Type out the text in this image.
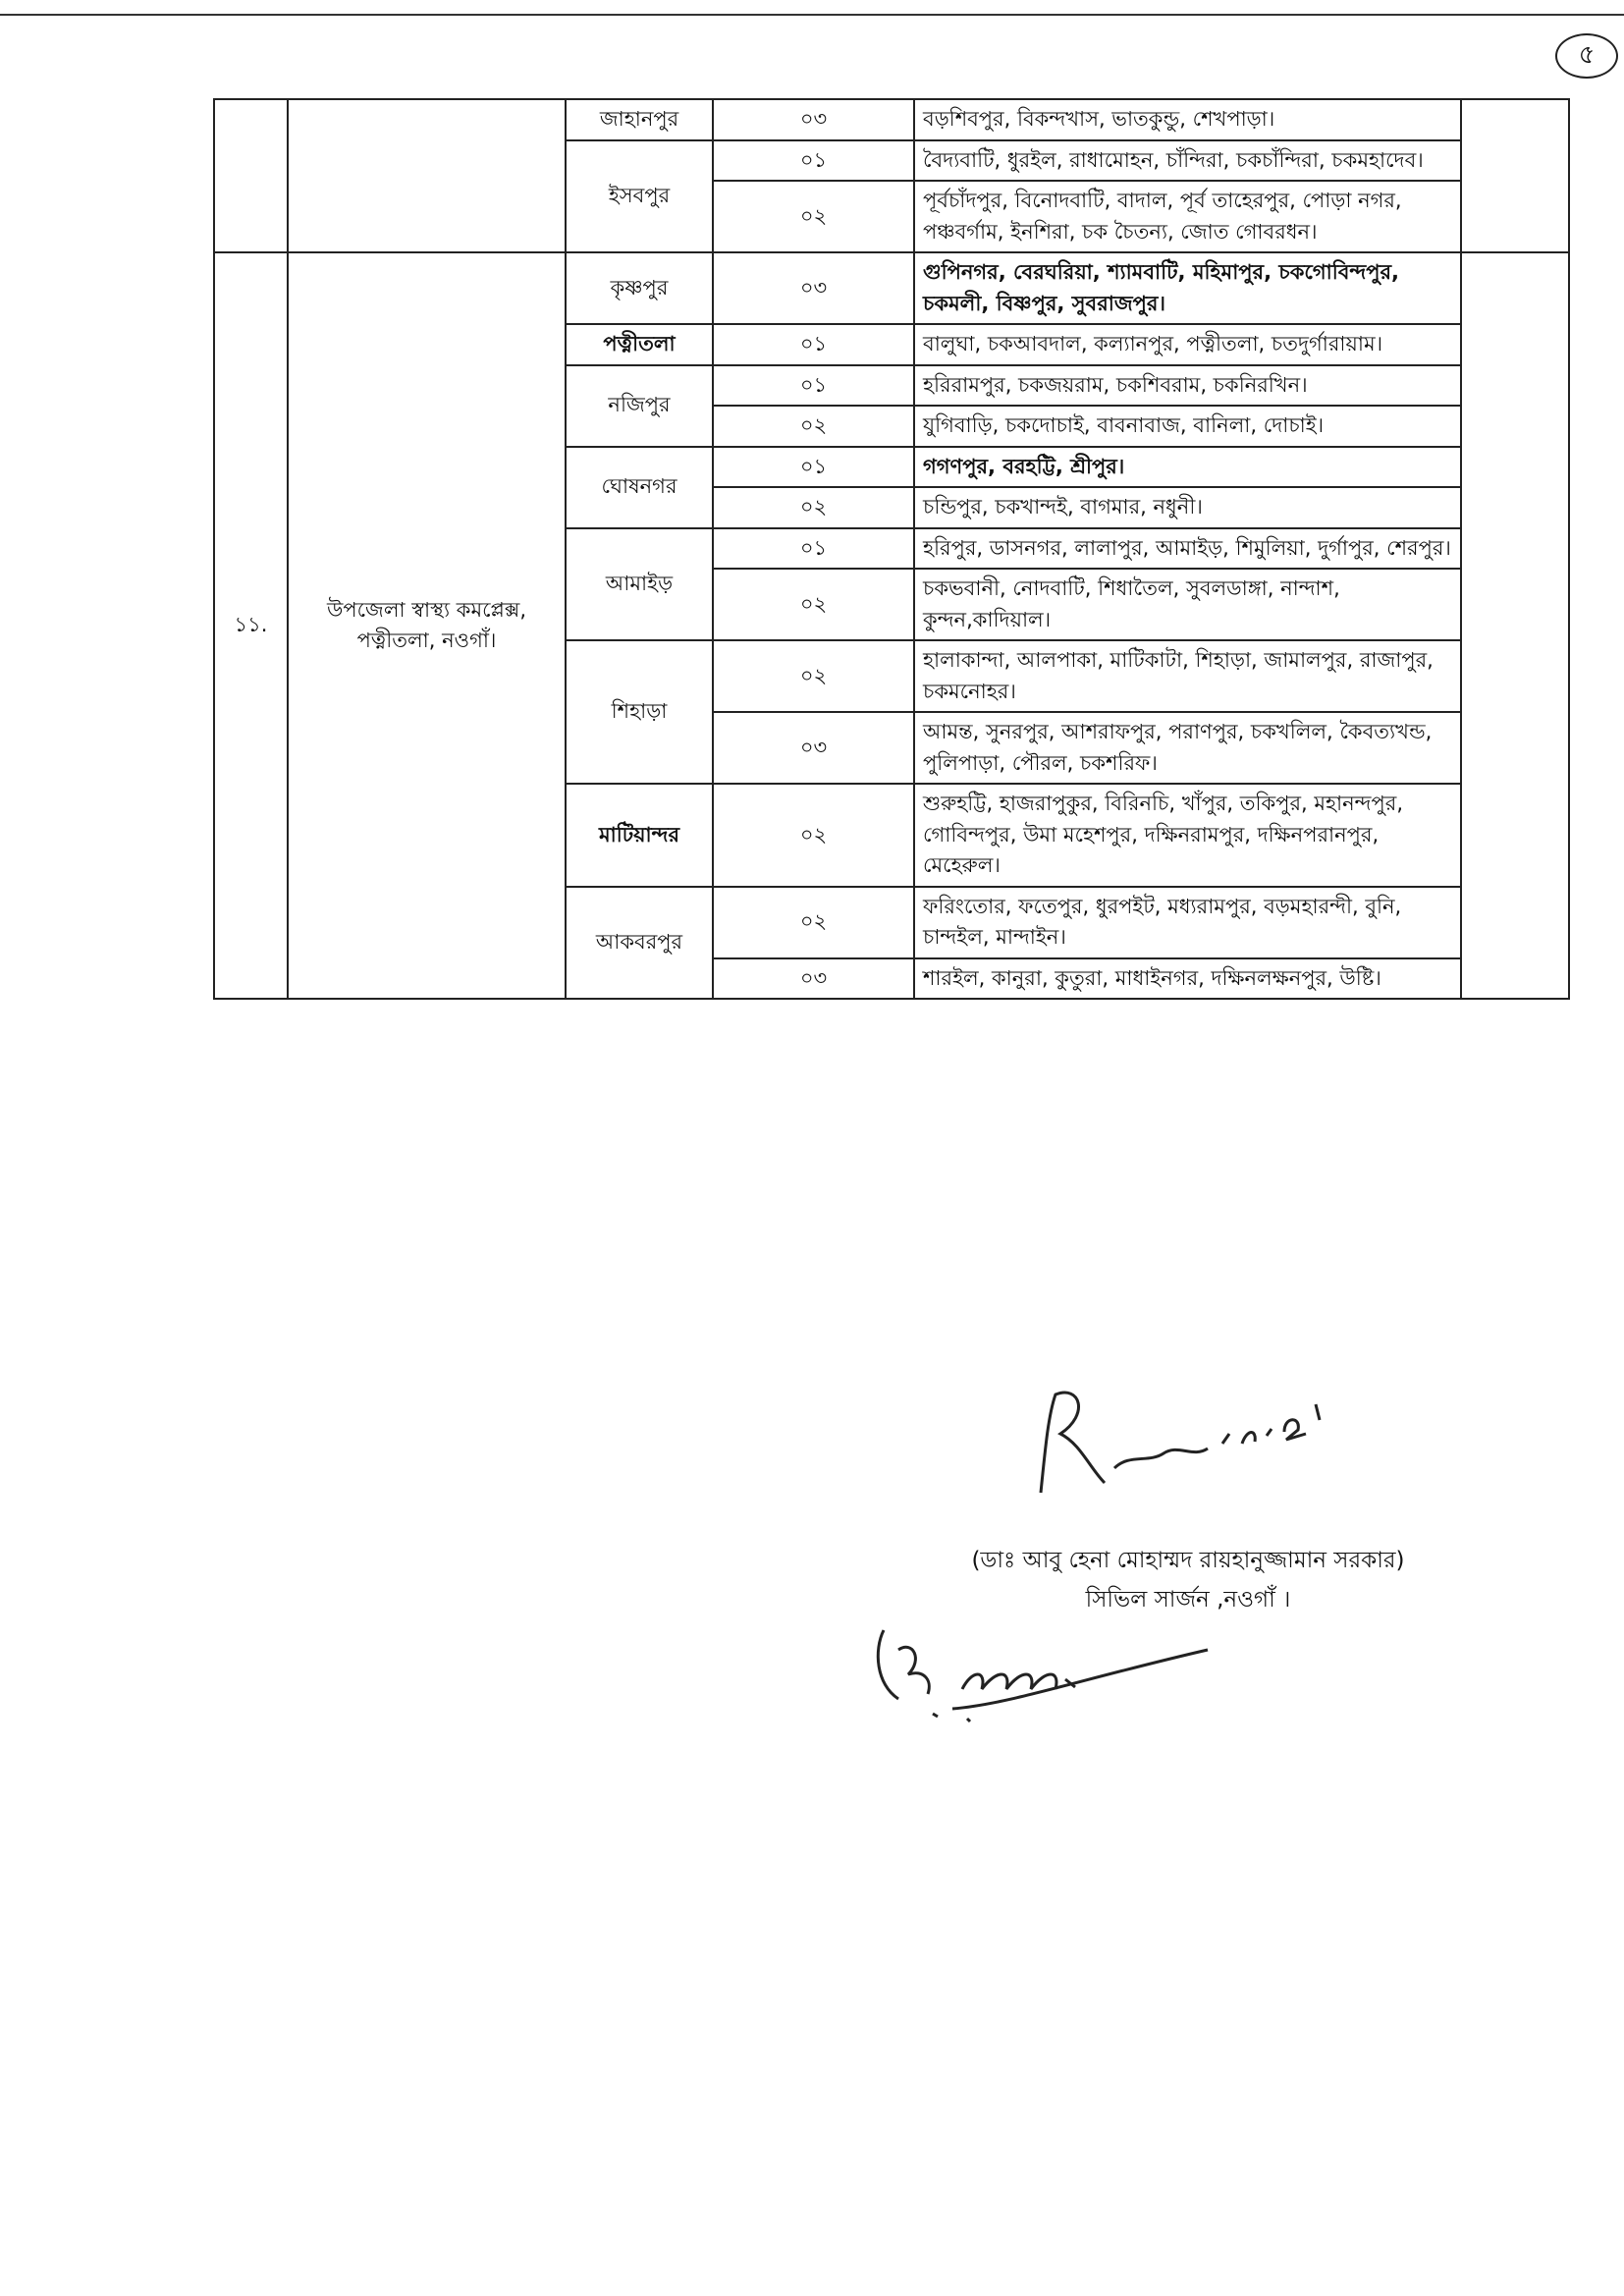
৫
		জাহানপুর	০৩	বড়শিবপুর, বিকন্দখাস, ভাতকুন্ডু, শেখপাড়া।	
		ইসবপুর	০১	বৈদ্যবাটি, ধুরইল, রাধামোহন, চাঁন্দিরা, চকচাঁন্দিরা, চকমহাদেব।	
			০২	পূর্বচাঁদপুর, বিনোদবাটি, বাদাল, পূর্ব তাহেরপুর, পোড়া নগর, পঞ্চবর্গাম, ইনশিরা, চক চৈতন্য, জোত গোবরধন।	
১১.	উপজেলা স্বাস্থ্য কমপ্লেক্স, পত্নীতলা, নওগাঁ।	কৃষ্ণপুর	০৩	গুপিনগর, বেরঘরিয়া, শ্যামবাটি, মহিমাপুর, চকগোবিন্দপুর, চকমলী, বিষ্ণপুর, সুবরাজপুর।	
		পত্নীতলা	০১	বালুঘা, চকআবদাল, কল্যানপুর, পত্নীতলা, চতদুর্গারায়াম।	
		নজিপুর	০১	হরিরামপুর, চকজয়রাম, চকশিবরাম, চকনিরখিন।	
			০২	যুগিবাড়ি, চকদোচাই, বাবনাবাজ, বানিলা, দোচাই।	
		ঘোষনগর	০১	গগণপুর, বরহট্টি, শ্রীপুর।	
			০২	চন্ডিপুর, চকখান্দই, বাগমার, নধুনী।	
		আমাইড়	০১	হরিপুর, ডাসনগর, লালাপুর, আমাইড়, শিমুলিয়া, দুর্গাপুর, শেরপুর।	
			০২	চকভবানী, নোদবাটি, শিধাতৈল, সুবলডাঙ্গা, নান্দাশ, কুন্দন,কাদিয়াল।	
		শিহাড়া	০২	হালাকান্দা, আলপাকা, মাটিকাটা, শিহাড়া, জামালপুর, রাজাপুর, চকমনোহর।	
			০৩	আমন্ত, সুনরপুর, আশরাফপুর, পরাণপুর, চকখলিল, কৈবত্যখন্ড, পুলিপাড়া, পৌরল, চকশরিফ।	
		মাটিয়ান্দর	০২	শুরুহট্টি, হাজরাপুকুর, বিরিনচি, খাঁপুর, তকিপুর, মহানন্দপুর, গোবিন্দপুর, উমা মহেশপুর, দক্ষিনরামপুর, দক্ষিনপরানপুর, মেহেরুল।	
		আকবরপুর	০২	ফরিংতোর, ফতেপুর, ধুরপইট, মধ্যরামপুর, বড়মহারন্দী, বুনি, চান্দইল, মান্দাইন।	
			০৩	শারইল, কানুরা, কুতুরা, মাধাইনগর, দক্ষিনলক্ষনপুর, উষ্টি।	
(ডাঃ আবু হেনা মোহাম্মদ রায়হানুজ্জামান সরকার)
সিভিল সার্জন ,নওগাঁ ।
